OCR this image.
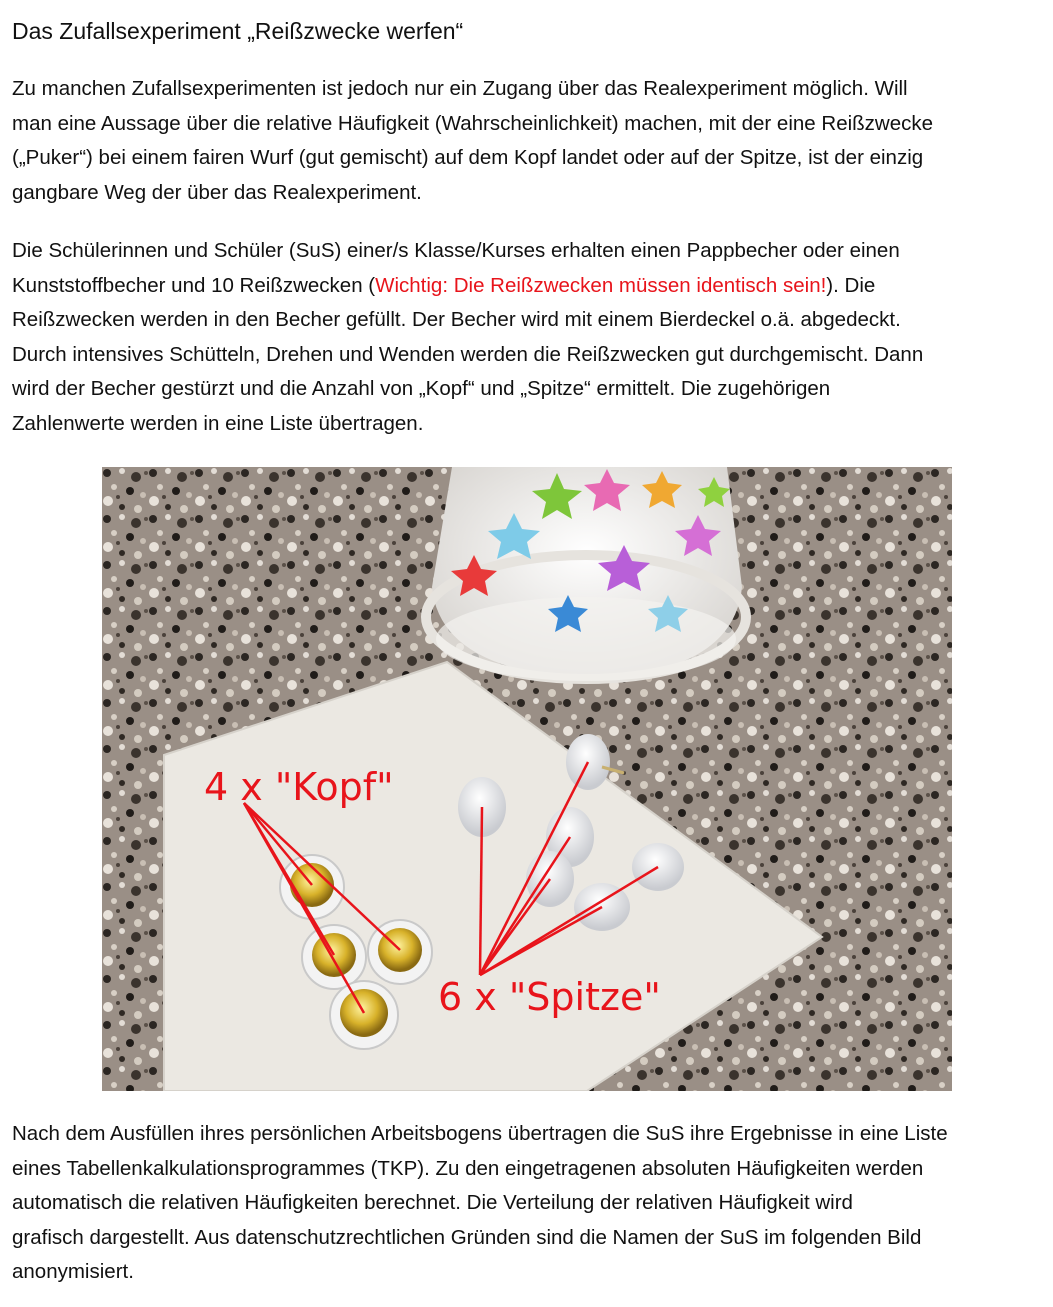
Das Zufallsexperiment „Reißzwecke werfen“

Zu manchen Zufallsexperimenten ist jedoch nur ein Zugang über das Realexperiment möglich. Will
man eine Aussage über die relative Häufigkeit (Wahrscheinlichkeit) machen, mit der eine Reißzwecke
(„Puker“) bei einem fairen Wurf (gut gemischt) auf dem Kopf landet oder auf der Spitze, ist der einzig
gangbare Weg der über das Realexperiment.

Die Schülerinnen und Schüler (SuS) einer/s Klasse/Kurses erhalten einen Pappbecher oder einen
Kunststoffbecher und 10 Reißzwecken (Wichtig: Die Reißzwecken müssen identisch sein!). Die
Reißzwecken werden in den Becher gefüllt. Der Becher wird mit einem Bierdeckel o.ä. abgedeckt.
Durch intensives Schütteln, Drehen und Wenden werden die Reißzwecken gut durchgemischt. Dann
wird der Becher gestürzt und die Anzahl von „Kopf“ und „Spitze“ ermittelt. Die zugehörigen
Zahlenwerte werden in eine Liste übertragen.

4 x "Kopf"
6 x "Spitze"

Nach dem Ausfüllen ihres persönlichen Arbeitsbogens übertragen die SuS ihre Ergebnisse in eine Liste
eines Tabellenkalkulationsprogrammes (TKP). Zu den eingetragenen absoluten Häufigkeiten werden
automatisch die relativen Häufigkeiten berechnet. Die Verteilung der relativen Häufigkeit wird
grafisch dargestellt. Aus datenschutzrechtlichen Gründen sind die Namen der SuS im folgenden Bild
anonymisiert.
